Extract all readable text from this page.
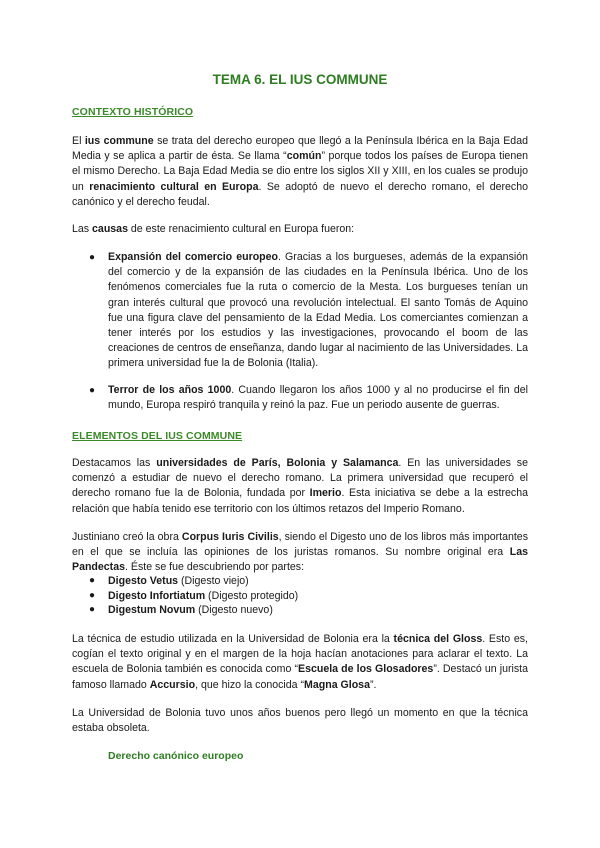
TEMA 6. EL IUS COMMUNE
CONTEXTO HISTÓRICO

El ius commune se trata del derecho europeo que llegó a la Península Ibérica en la Baja Edad Media y se aplica a partir de ésta. Se llama “común” porque todos los países de Europa tienen el mismo Derecho. La Baja Edad Media se dio entre los siglos XII y XIII, en los cuales se produjo un renacimiento cultural en Europa. Se adoptó de nuevo el derecho romano, el derecho canónico y el derecho feudal.

Las causas de este renacimiento cultural en Europa fueron:

● Expansión del comercio europeo. Gracias a los burgueses, además de la expansión del comercio y de la expansión de las ciudades en la Península Ibérica. Uno de los fenómenos comerciales fue la ruta o comercio de la Mesta. Los burgueses tenían un gran interés cultural que provocó una revolución intelectual. El santo Tomás de Aquino fue una figura clave del pensamiento de la Edad Media. Los comerciantes comienzan a tener interés por los estudios y las investigaciones, provocando el boom de las creaciones de centros de enseñanza, dando lugar al nacimiento de las Universidades. La primera universidad fue la de Bolonia (Italia).

● Terror de los años 1000. Cuando llegaron los años 1000 y al no producirse el fin del mundo, Europa respiró tranquila y reinó la paz. Fue un periodo ausente de guerras.

ELEMENTOS DEL IUS COMMUNE

Destacamos las universidades de París, Bolonia y Salamanca. En las universidades se comenzó a estudiar de nuevo el derecho romano. La primera universidad que recuperó el derecho romano fue la de Bolonia, fundada por Imerio. Esta iniciativa se debe a la estrecha relación que había tenido ese territorio con los últimos retazos del Imperio Romano.

Justiniano creó la obra Corpus Iuris Civilis, siendo el Digesto uno de los libros más importantes en el que se incluía las opiniones de los juristas romanos. Su nombre original era Las Pandectas. Éste se fue descubriendo por partes:

● Digesto Vetus (Digesto viejo)
● Digesto Infortiatum (Digesto protegido)
● Digestum Novum (Digesto nuevo)

La técnica de estudio utilizada en la Universidad de Bolonia era la técnica del Gloss. Esto es, cogían el texto original y en el margen de la hoja hacían anotaciones para aclarar el texto. La escuela de Bolonia también es conocida como “Escuela de los Glosadores”. Destacó un jurista famoso llamado Accursio, que hizo la conocida “Magna Glosa”.

La Universidad de Bolonia tuvo unos años buenos pero llegó un momento en que la técnica estaba obsoleta.

Derecho canónico europeo
